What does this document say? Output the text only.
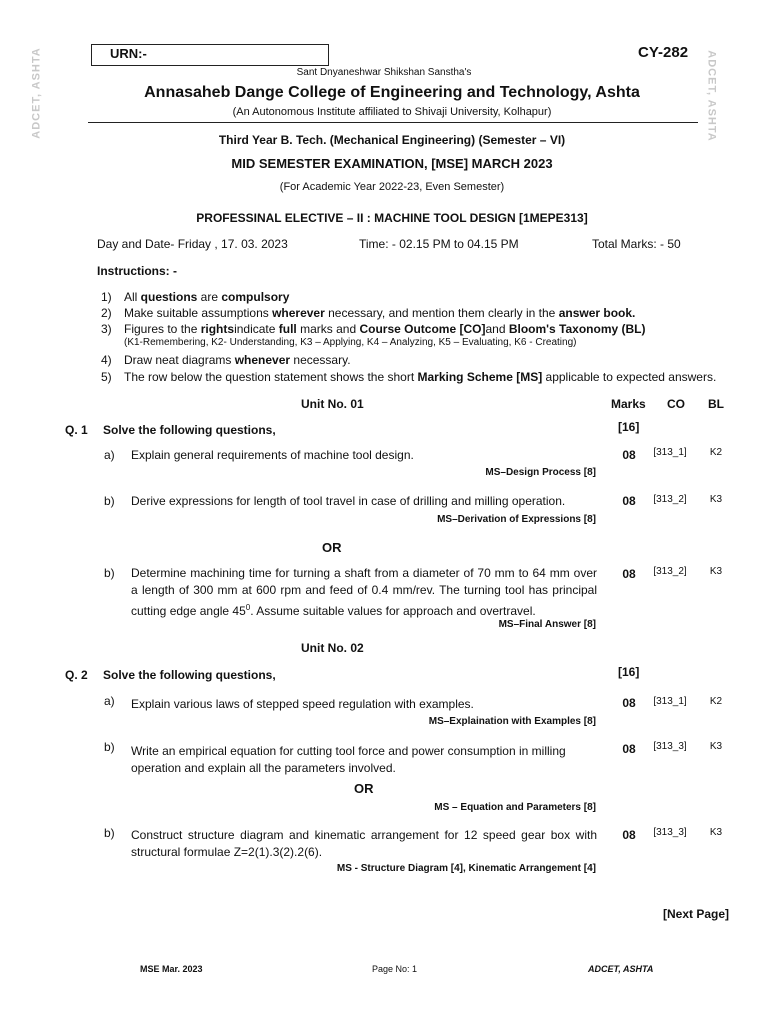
ADCET, ASHTA	ADCET, ASHTA
URN:-	CY-282
Sant Dnyaneshwar Shikshan Sanstha's
Annasaheb Dange College of Engineering and Technology, Ashta
(An Autonomous Institute affiliated to Shivaji University, Kolhapur)
Third Year B. Tech. (Mechanical Engineering) (Semester – VI)
MID SEMESTER EXAMINATION, [MSE] MARCH 2023
(For Academic Year 2022-23, Even Semester)
PROFESSINAL ELECTIVE – II : MACHINE TOOL DESIGN [1MEPE313]
Day and Date- Friday , 17. 03. 2023	Time: - 02.15 PM to 04.15 PM	Total Marks: - 50
Instructions: -
1) All questions are compulsory
2) Make suitable assumptions wherever necessary, and mention them clearly in the answer book.
3) Figures to the rightsindicate full marks and Course Outcome [CO]and Bloom's Taxonomy (BL)
(K1-Remembering, K2- Understanding, K3 – Applying, K4 – Analyzing, K5 – Evaluating, K6 - Creating)
4) Draw neat diagrams whenever necessary.
5) The row below the question statement shows the short Marking Scheme [MS] applicable to expected answers.
Unit No. 01	Marks CO BL
Q. 1 Solve the following questions,	[16]
a) Explain general requirements of machine tool design.
MS–Design Process [8]
08	[313_1]	K2
b) Derive expressions for length of tool travel in case of drilling and milling operation.
MS–Derivation of Expressions [8]
08	[313_2]	K3
OR
b) Determine machining time for turning a shaft from a diameter of 70 mm to 64 mm over a length of 300 mm at 600 rpm and feed of 0.4 mm/rev. The turning tool has principal cutting edge angle $45^0$. Assume suitable values for approach and overtravel.
MS–Final Answer [8]
08	[313_2]	K3
Unit No. 02
Q. 2 Solve the following questions,	[16]
a) Explain various laws of stepped speed regulation with examples.
MS–Explaination with Examples [8]
08	[313_1]	K2
b) Write an empirical equation for cutting tool force and power consumption in milling operation and explain all the parameters involved.
08	[313_3]	K3
OR
MS – Equation and Parameters [8]
b) Construct structure diagram and kinematic arrangement for 12 speed gear box with structural formulae Z=2(1).3(2).2(6).
MS - Structure Diagram [4], Kinematic Arrangement [4]
08	[313_3]	K3
[Next Page]
MSE Mar. 2023	Page No: 1	ADCET, ASHTA
